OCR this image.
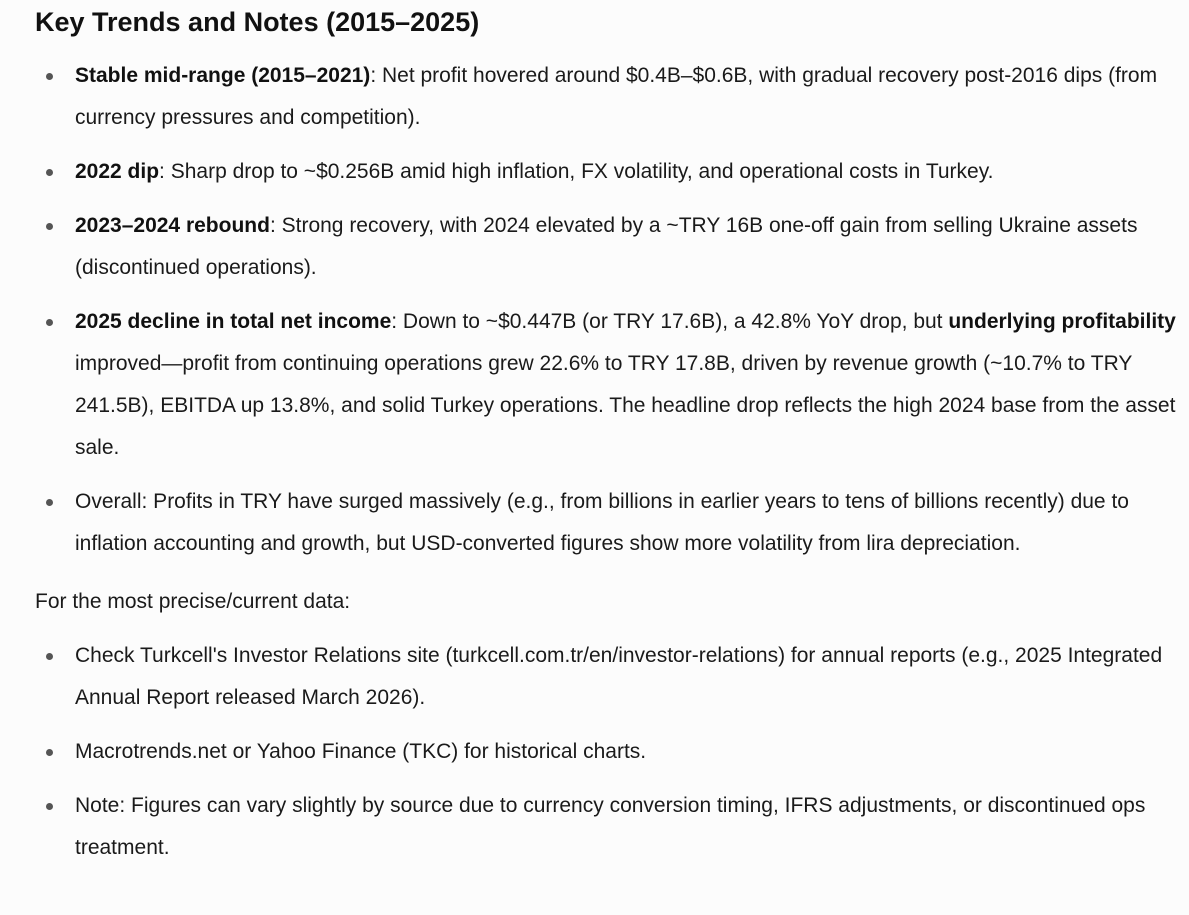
Key Trends and Notes (2015–2025)
Stable mid-range (2015–2021): Net profit hovered around $0.4B–$0.6B, with gradual recovery post-2016 dips (from currency pressures and competition).
2022 dip: Sharp drop to ~$0.256B amid high inflation, FX volatility, and operational costs in Turkey.
2023–2024 rebound: Strong recovery, with 2024 elevated by a ~TRY 16B one-off gain from selling Ukraine assets (discontinued operations).
2025 decline in total net income: Down to ~$0.447B (or TRY 17.6B), a 42.8% YoY drop, but underlying profitability improved—profit from continuing operations grew 22.6% to TRY 17.8B, driven by revenue growth (~10.7% to TRY 241.5B), EBITDA up 13.8%, and solid Turkey operations. The headline drop reflects the high 2024 base from the asset sale.
Overall: Profits in TRY have surged massively (e.g., from billions in earlier years to tens of billions recently) due to inflation accounting and growth, but USD-converted figures show more volatility from lira depreciation.

For the most precise/current data:

Check Turkcell's Investor Relations site (turkcell.com.tr/en/investor-relations) for annual reports (e.g., 2025 Integrated Annual Report released March 2026).
Macrotrends.net or Yahoo Finance (TKC) for historical charts.
Note: Figures can vary slightly by source due to currency conversion timing, IFRS adjustments, or discontinued ops treatment.
